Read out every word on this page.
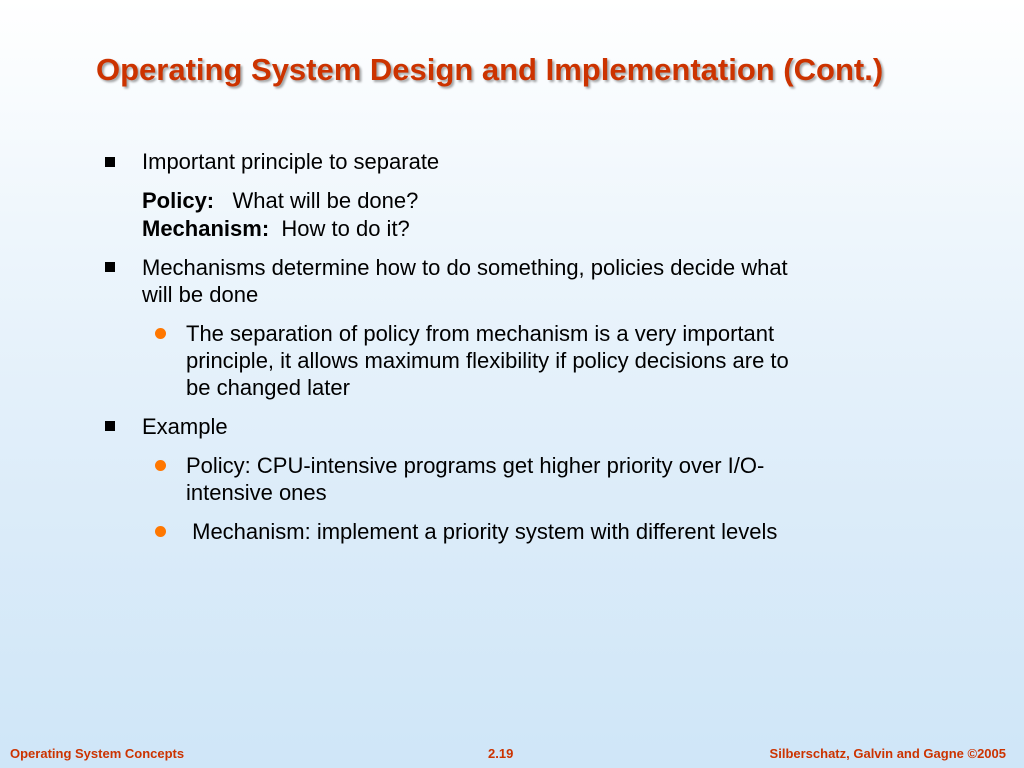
Operating System Design and Implementation (Cont.)
Important principle to separate
Policy: What will be done?
Mechanism: How to do it?
Mechanisms determine how to do something, policies decide what
will be done
The separation of policy from mechanism is a very important
principle, it allows maximum flexibility if policy decisions are to
be changed later
Example
Policy: CPU-intensive programs get higher priority over I/O-
intensive ones
Mechanism: implement a priority system with different levels
Operating System Concepts	2.19	Silberschatz, Galvin and Gagne ©2005
